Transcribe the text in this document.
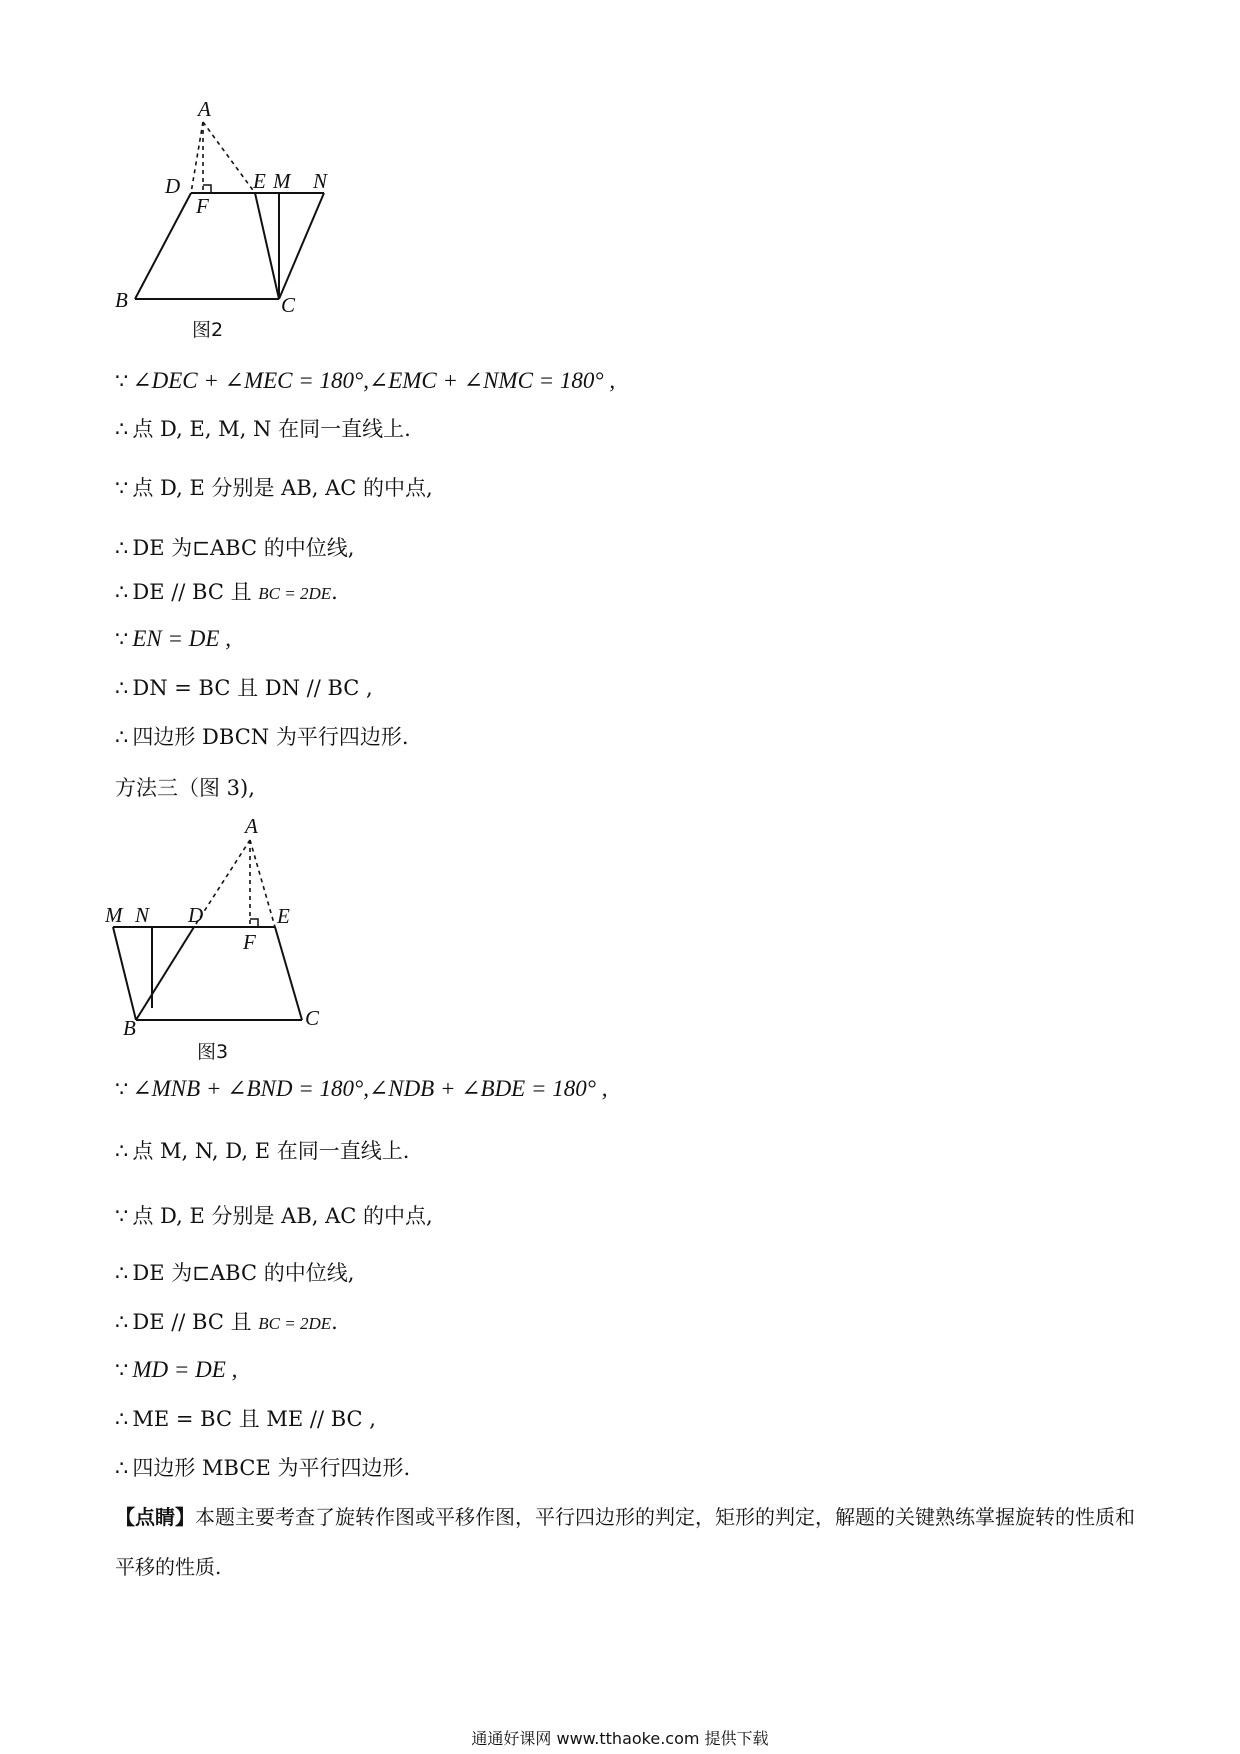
A
D
F
E M N
B	C
图2
∵ ∠DEC + ∠MEC = 180°,∠EMC + ∠NMC = 180° ,
∴ 点 D, E, M, N 在同一直线上.
∵ 点 D, E 分别是 AB, AC 的中点,
∴ DE 为⊏ABC 的中位线,
∴ DE // BC 且 BC = 2DE.
∵ EN = DE ,
∴ DN = BC 且 DN // BC ,
∴ 四边形 DBCN 为平行四边形.
方法三（图 3),
A
M N D	E
F
B	C
图3
∵ ∠MNB + ∠BND = 180°,∠NDB + ∠BDE = 180° ,
∴ 点 M, N, D, E 在同一直线上.
∵ 点 D, E 分别是 AB, AC 的中点,
∴ DE 为⊏ABC 的中位线,
∴ DE // BC 且 BC = 2DE.
∵ MD = DE ,
∴ ME = BC 且 ME // BC ,
∴ 四边形 MBCE 为平行四边形.
【点睛】本题主要考查了旋转作图或平移作图，平行四边形的判定，矩形的判定，解题的关键熟练掌握旋转的性质和平移的性质.
通通好课网 www.tthaoke.com 提供下载
